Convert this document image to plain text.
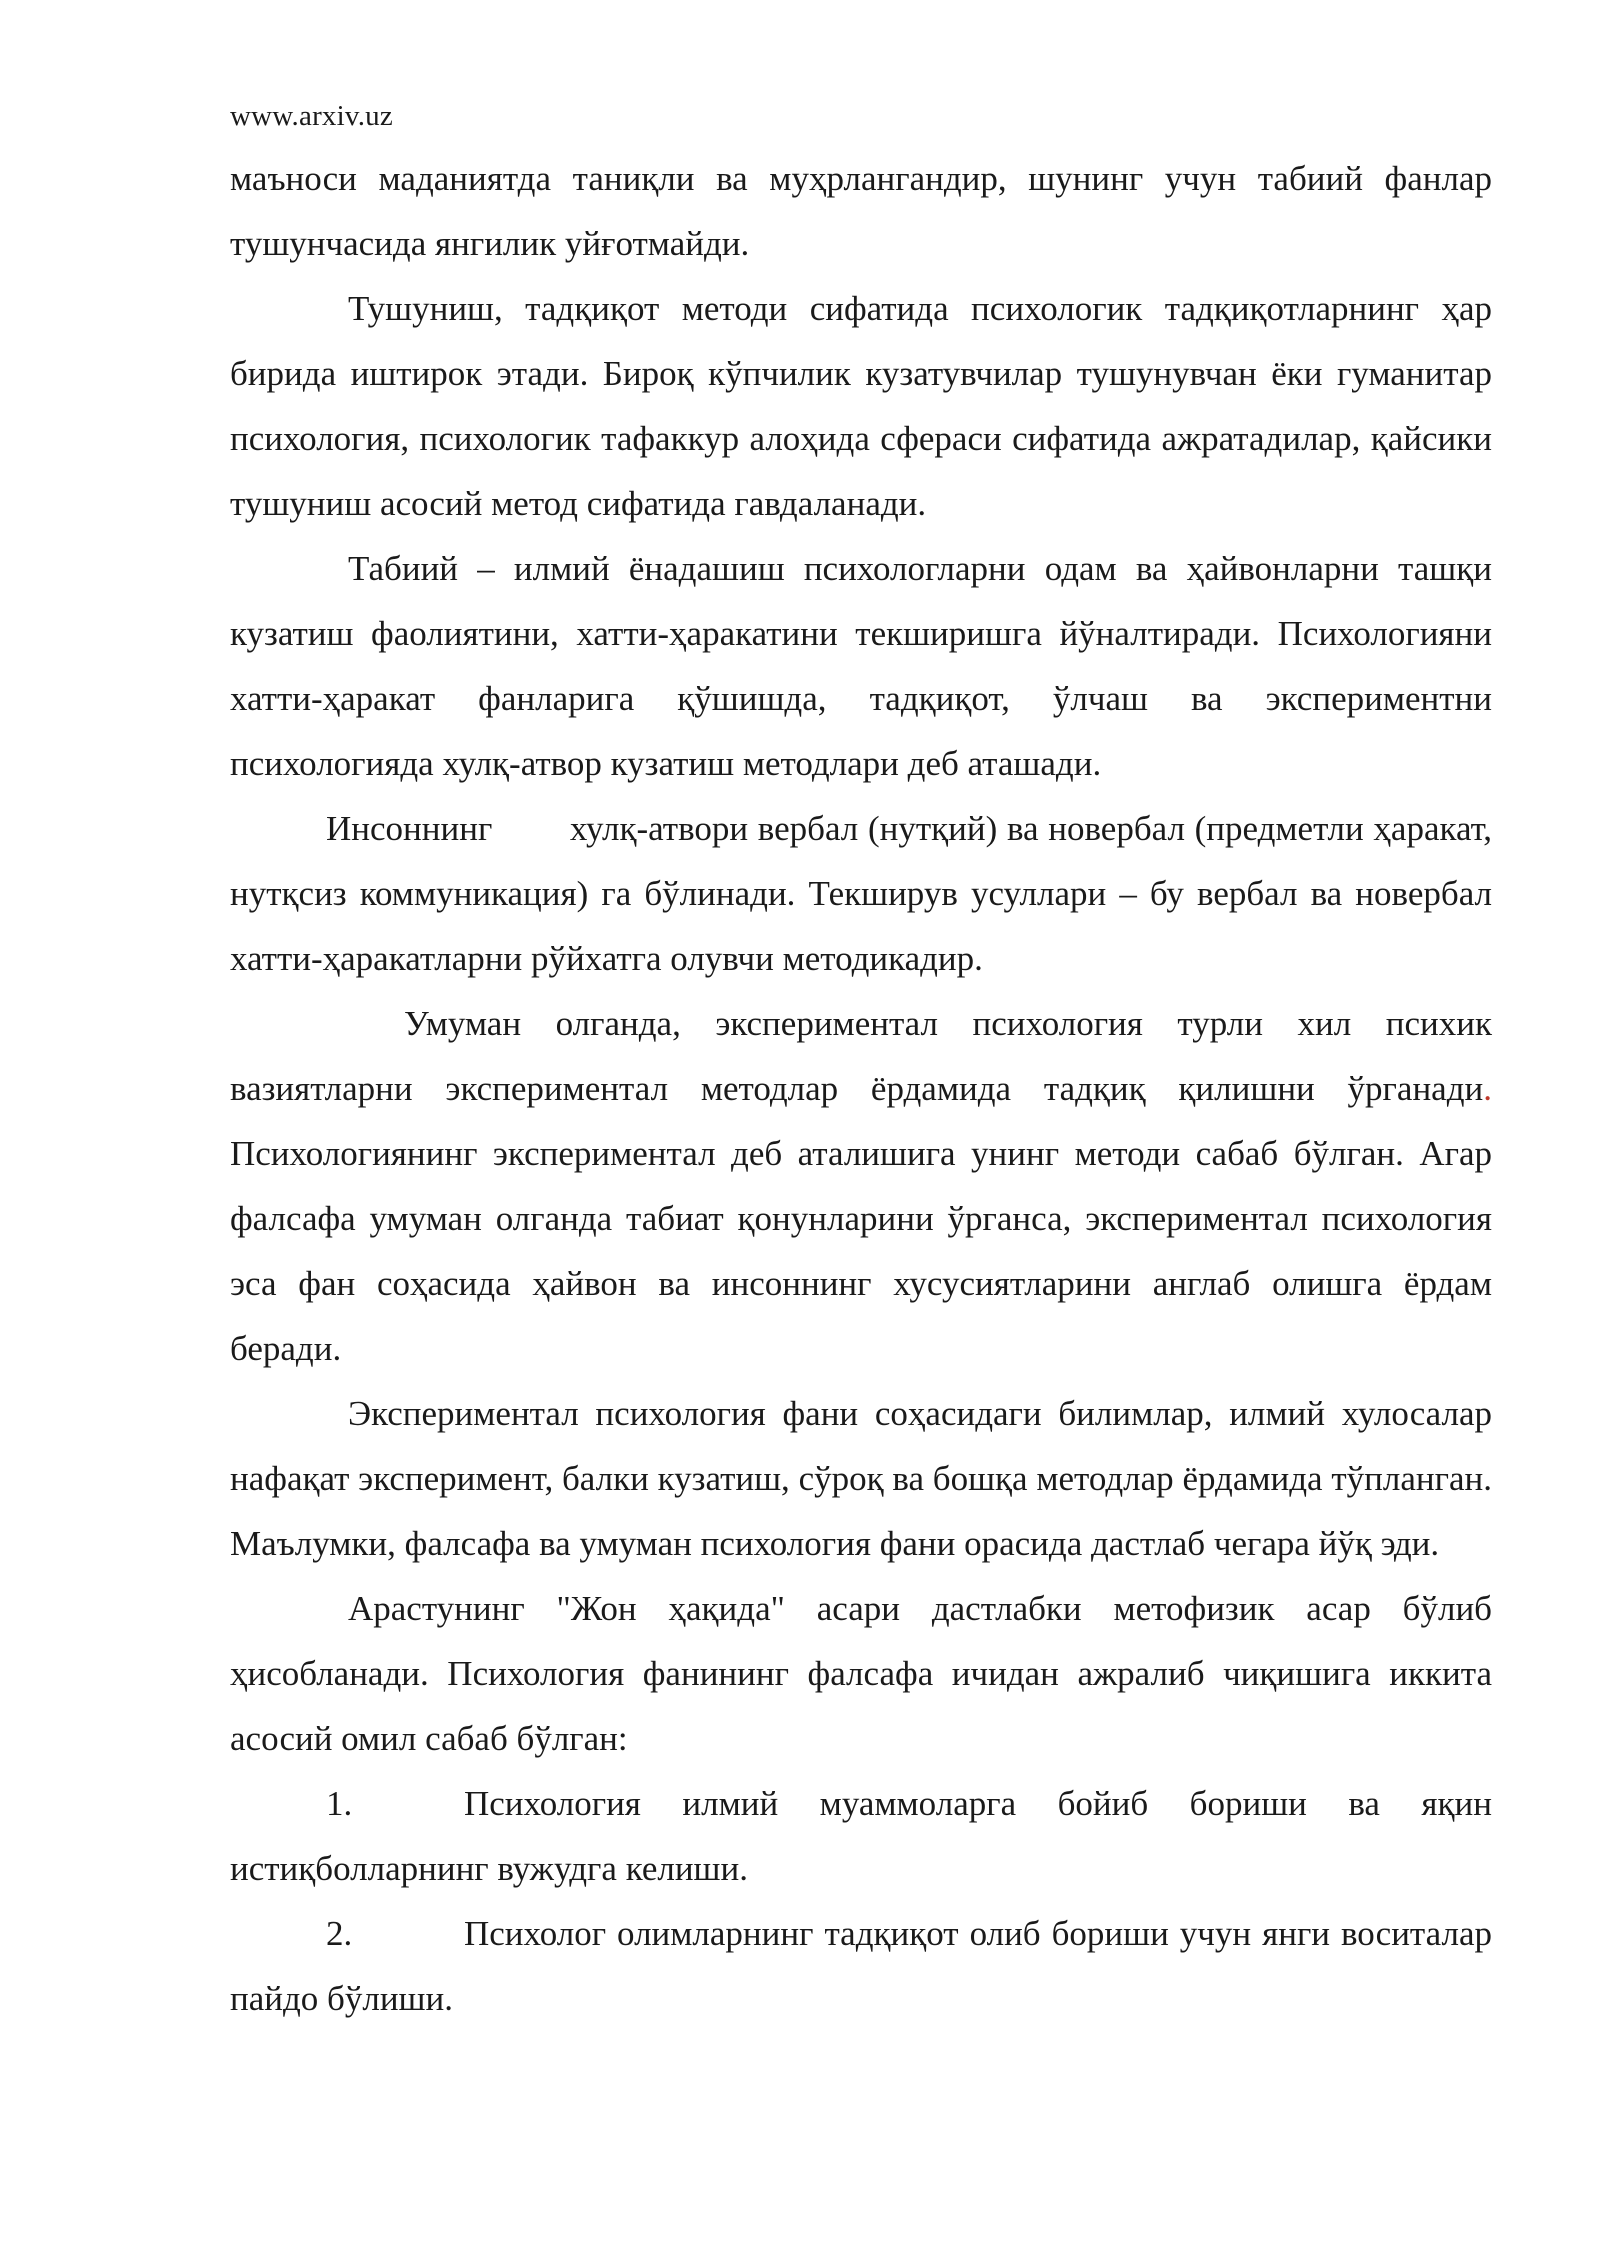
www.arxiv.uz

маъноси маданиятда таниқли ва муҳрлангандир, шунинг учун табиий фанлар тушунчасида янгилик уйғотмайди.

Тушуниш, тадқиқот методи сифатида психологик тадқиқотларнинг ҳар бирида иштирок этади. Бироқ кўпчилик кузатувчилар тушунувчан ёки гуманитар психология, психологик тафаккур алоҳида сфераси сифатида ажратадилар, қайсики тушуниш асосий метод сифатида гавдаланади.

Табиий – илмий ёнадашиш психологларни одам ва ҳайвонларни ташқи кузатиш фаолиятини, хатти-ҳаракатини текширишга йўналтиради. Психологияни хатти-ҳаракат фанларига қўшишда, тадқиқот, ўлчаш ва экспериментни психологияда хулқ-атвор кузатиш методлари деб аташади.

Инсоннинг        хулқ-атвори вербал (нутқий) ва новербал (предметли ҳаракат, нутқсиз коммуникация) га бўлинади. Текширув усуллари – бу вербал ва новербал хатти-ҳаракатларни рўйхатга олувчи методикадир.

Умуман олганда, экспериментал психология турли хил психик вазиятларни экспериментал методлар ёрдамида тадқиқ қилишни ўрганади. Психологиянинг экспериментал деб аталишига унинг методи сабаб бўлган. Агар фалсафа умуман олганда табиат қонунларини ўрганса, экспериментал психология эса фан соҳасида ҳайвон ва инсоннинг хусусиятларини англаб олишга ёрдам беради.

Экспериментал психология фани соҳасидаги билимлар, илмий хулосалар нафақат эксперимент, балки кузатиш, сўроқ ва бошқа методлар ёрдамида тўпланган. Маълумки, фалсафа ва умуман психология фани орасида дастлаб чегара йўқ эди.

Арастунинг "Жон ҳақида" асари дастлабки метофизик асар бўлиб ҳисобланади. Психология фанининг фалсафа ичидан ажралиб чиқишига иккита асосий омил сабаб бўлган:

1.	Психология илмий муаммоларга бойиб бориши ва яқин истиқболларнинг вужудга келиши.

2.	Психолог олимларнинг тадқиқот олиб бориши учун янги воситалар пайдо бўлиши.
